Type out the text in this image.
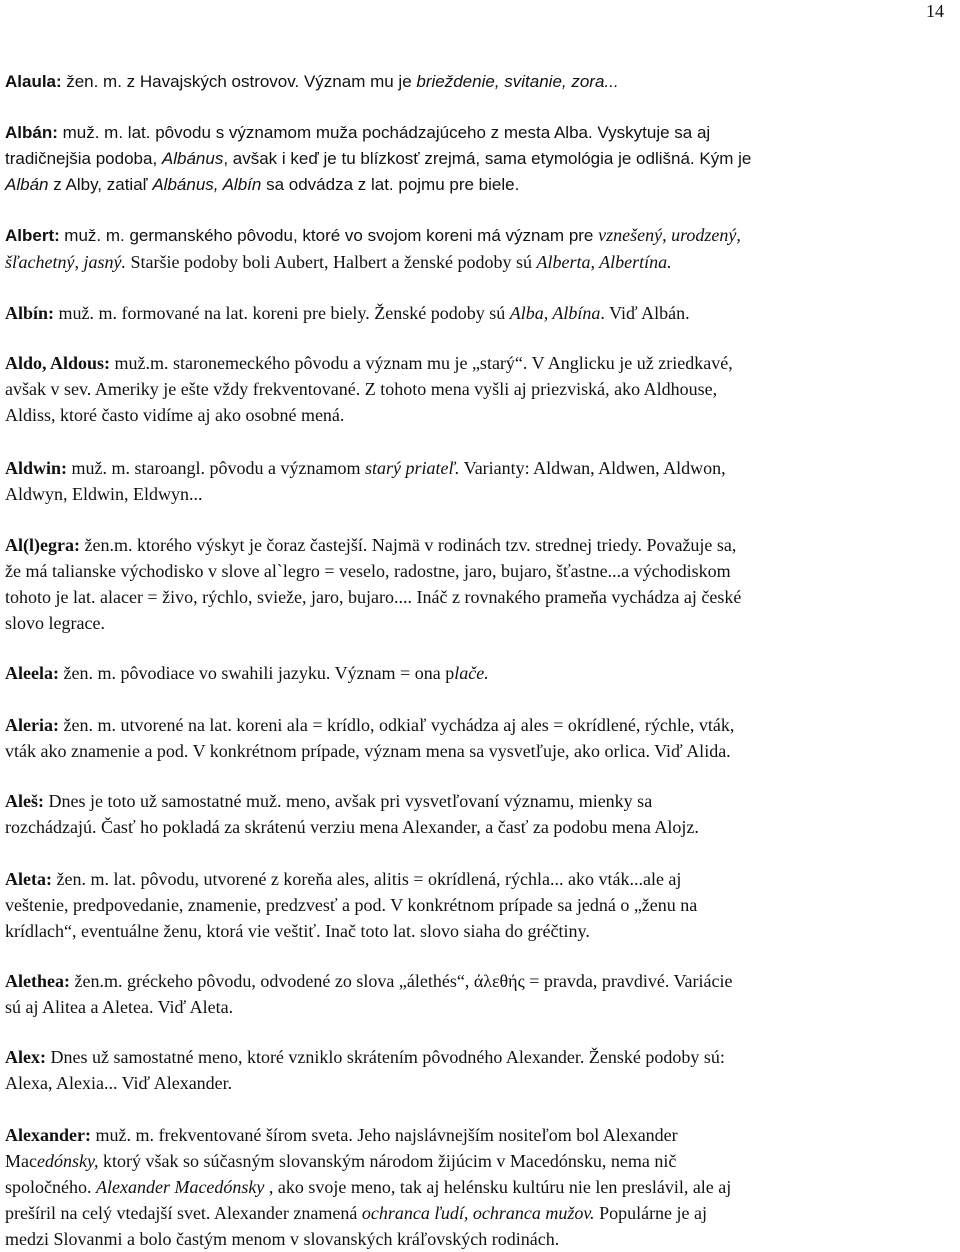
14

Alaula: žen. m. z Havajských ostrovov. Význam mu je brieždenie, svitanie, zora...

Albán: muž. m. lat. pôvodu s významom muža pochádzajúceho z mesta Alba. Vyskytuje sa aj
tradičnejšia podoba, Albánus, avšak i keď je tu blízkosť zrejmá, sama etymológia je odlišná. Kým je
Albán z Alby, zatiaľ Albánus, Albín sa odvádza z lat. pojmu pre biele.

Albert: muž. m. germanského pôvodu, ktoré vo svojom koreni má význam pre vznešený, urodzený,
šľachetný, jasný. Staršie podoby boli Aubert, Halbert a ženské podoby sú Alberta, Albertína.

Albín: muž. m. formované na lat. koreni pre biely. Ženské podoby sú Alba, Albína. Viď Albán.

Aldo, Aldous: muž.m. staronemeckého pôvodu a význam mu je „starý“. V Anglicku je už zriedkavé,
avšak v sev. Ameriky je ešte vždy frekventované. Z tohoto mena vyšli aj priezviská, ako Aldhouse,
Aldiss, ktoré často vidíme aj ako osobné mená.

Aldwin: muž. m. staroangl. pôvodu a významom starý priateľ. Varianty: Aldwan, Aldwen, Aldwon,
Aldwyn, Eldwin, Eldwyn...

Al(l)egra: žen.m. ktorého výskyt je čoraz častejší. Najmä v rodinách tzv. strednej triedy. Považuje sa,
že má talianske východisko v slove al`legro = veselo, radostne, jaro, bujaro, šťastne...a východiskom
tohoto je lat. alacer = živo, rýchlo, svieže, jaro, bujaro.... Ináč z rovnakého prameňa vychádza aj české
slovo legrace.

Aleela: žen. m. pôvodiace vo swahili jazyku. Význam = ona plače.

Aleria: žen. m. utvorené na lat. koreni ala = krídlo, odkiaľ vychádza aj ales = okrídlené, rýchle, vták,
vták ako znamenie a pod. V konkrétnom prípade, význam mena sa vysvetľuje, ako orlica. Viď Alida.

Aleš: Dnes je toto už samostatné muž. meno, avšak pri vysvetľovaní významu, mienky sa
rozchádzajú. Časť ho pokladá za skrátenú verziu mena Alexander, a časť za podobu mena Alojz.

Aleta: žen. m. lat. pôvodu, utvorené z koreňa ales, alitis = okrídlená, rýchla... ako vták...ale aj
veštenie, predpovedanie, znamenie, predzvesť a pod. V konkrétnom prípade sa jedná o „ženu na
krídlach“, eventuálne ženu, ktorá vie veštiť. Inač toto lat. slovo siaha do gréčtiny.

Alethea: žen.m. gréckeho pôvodu, odvodené zo slova „álethés“, άλεθής = pravda, pravdivé. Variácie
sú aj Alitea a Aletea. Viď Aleta.

Alex: Dnes už samostatné meno, ktoré vzniklo skrátením pôvodného Alexander. Ženské podoby sú:
Alexa, Alexia... Viď Alexander.

Alexander: muž. m. frekventované šírom sveta. Jeho najslávnejším nositeľom bol Alexander
Macedónsky, ktorý však so súčasným slovanským národom žijúcim v Macedónsku, nema nič
spoločného. Alexander Macedónsky , ako svoje meno, tak aj helénsku kultúru nie len preslávil, ale aj
prešíril na celý vtedajší svet. Alexander znamená ochranca ľudí, ochranca mužov. Populárne je aj
medzi Slovanmi a bolo častým menom v slovanských kráľovských rodinách.
